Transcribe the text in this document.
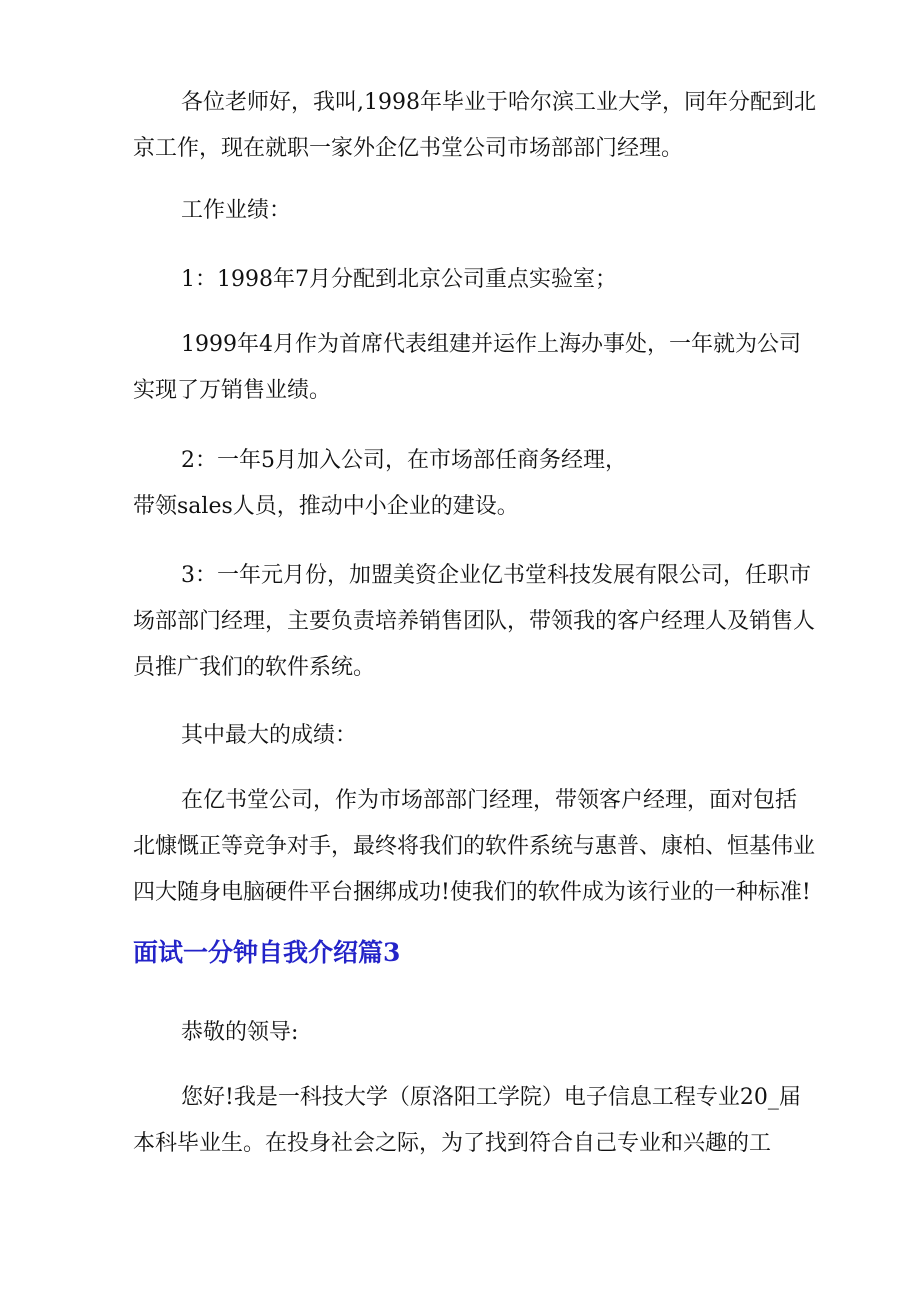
各位老师好，我叫,1998年毕业于哈尔滨工业大学，同年分配到北
京工作，现在就职一家外企亿书堂公司市场部部门经理。

工作业绩：

1：1998年7月分配到北京公司重点实验室；

1999年4月作为首席代表组建并运作上海办事处，一年就为公司
实现了万销售业绩。

2：一年5月加入公司，在市场部任商务经理，
带领sales人员，推动中小企业的建设。

3：一年元月份，加盟美资企业亿书堂科技发展有限公司，任职市
场部部门经理，主要负责培养销售团队，带领我的客户经理人及销售人
员推广我们的软件系统。

其中最大的成绩：

在亿书堂公司，作为市场部部门经理，带领客户经理，面对包括
北慷慨正等竞争对手，最终将我们的软件系统与惠普、康柏、恒基伟业
四大随身电脑硬件平台捆绑成功!使我们的软件成为该行业的一种标准!

面试一分钟自我介绍篇3

恭敬的领导:

您好!我是一科技大学（原洛阳工学院）电子信息工程专业20_届
本科毕业生。在投身社会之际，为了找到符合自己专业和兴趣的工
